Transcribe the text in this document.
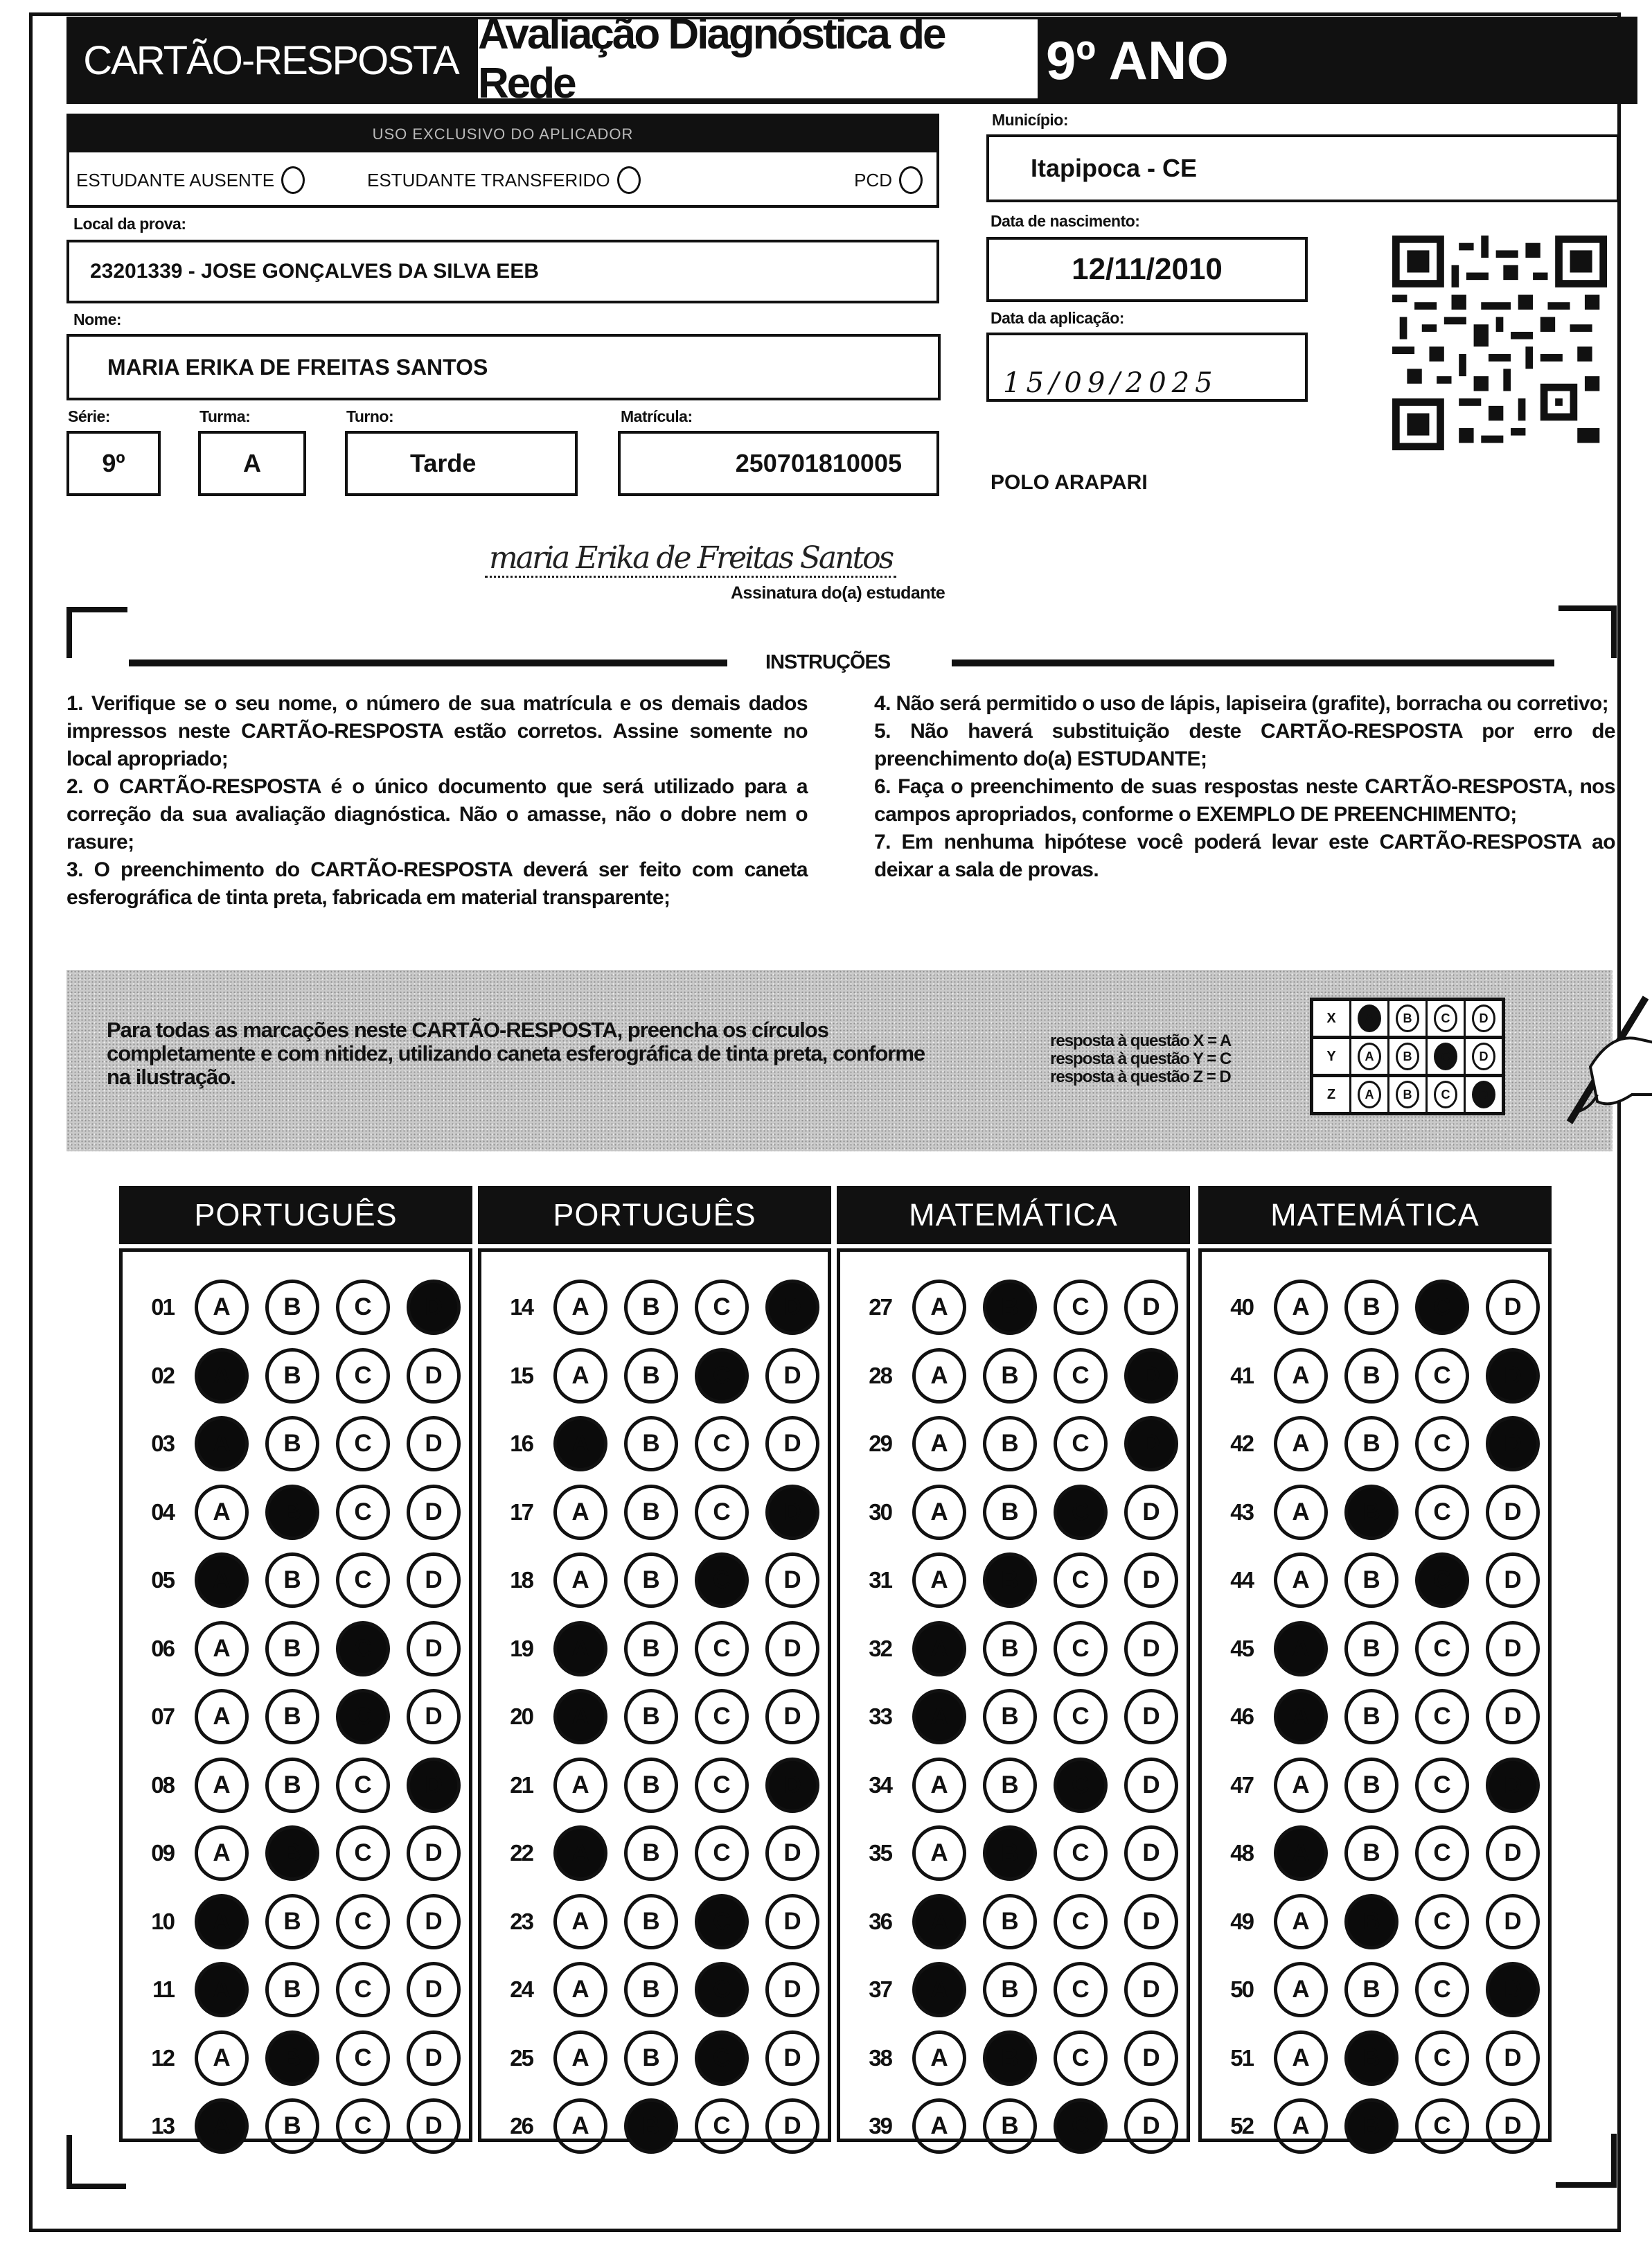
CARTÃO-RESPOSTA
Avaliação Diagnóstica de Rede	9º ANO
USO EXCLUSIVO DO APLICADOR
ESTUDANTE AUSENTE	ESTUDANTE TRANSFERIDO	PCD
Local da prova:
23201339 - JOSE GONÇALVES DA SILVA EEB
Nome:
MARIA ERIKA DE FREITAS SANTOS
Série:
9º
Turma:
A
Turno:
Tarde
Matrícula:
250701810005
Município:
Itapipoca - CE
Data de nascimento:
12/11/2010
Data da aplicação:
15/09/2025
POLO ARAPARI
maria Erika de Freitas Santos
Assinatura do(a) estudante
INSTRUÇÕES

1. Verifique se o seu nome, o número de sua matrícula e os demais dados impressos neste CARTÃO-RESPOSTA estão corretos. Assine somente no local apropriado;

2. O CARTÃO-RESPOSTA é o único documento que será utilizado para a correção da sua avaliação diagnóstica. Não o amasse, não o dobre nem o rasure;

3. O preenchimento do CARTÃO-RESPOSTA deverá ser feito com caneta esferográfica de tinta preta, fabricada em material transparente;

4. Não será permitido o uso de lápis, lapiseira (grafite), borracha ou corretivo;

5. Não haverá substituição deste CARTÃO-RESPOSTA por erro de preenchimento do(a) ESTUDANTE;

6. Faça o preenchimento de suas respostas neste CARTÃO-RESPOSTA, nos campos apropriados, conforme o EXEMPLO DE PREENCHIMENTO;

7. Em nenhuma hipótese você poderá levar este CARTÃO-RESPOSTA ao deixar a sala de provas.

Para todas as marcações neste CARTÃO-RESPOSTA, preencha os círculos completamente e com nitidez, utilizando caneta esferográfica de tinta preta, conforme na ilustração.
resposta à questão X = A
resposta à questão Y = C
resposta à questão Z = D
X	A	B	C	D
Y	A	B	C	D
Z	A	B	C	D
PORTUGUÊS
01	A	B	C	D
02	A	B	C	D
03	A	B	C	D
04	A	B	C	D
05	A	B	C	D
06	A	B	C	D
07	A	B	C	D
08	A	B	C	D
09	A	B	C	D
10	A	B	C	D
11	A	B	C	D
12	A	B	C	D
13	A	B	C	D
PORTUGUÊS
14	A	B	C	D
15	A	B	C	D
16	A	B	C	D
17	A	B	C	D
18	A	B	C	D
19	A	B	C	D
20	A	B	C	D
21	A	B	C	D
22	A	B	C	D
23	A	B	C	D
24	A	B	C	D
25	A	B	C	D
26	A	B	C	D
MATEMÁTICA
27	A	B	C	D
28	A	B	C	D
29	A	B	C	D
30	A	B	C	D
31	A	B	C	D
32	A	B	C	D
33	A	B	C	D
34	A	B	C	D
35	A	B	C	D
36	A	B	C	D
37	A	B	C	D
38	A	B	C	D
39	A	B	C	D
MATEMÁTICA
40	A	B	C	D
41	A	B	C	D
42	A	B	C	D
43	A	B	C	D
44	A	B	C	D
45	A	B	C	D
46	A	B	C	D
47	A	B	C	D
48	A	B	C	D
49	A	B	C	D
50	A	B	C	D
51	A	B	C	D
52	A	B	C	D
